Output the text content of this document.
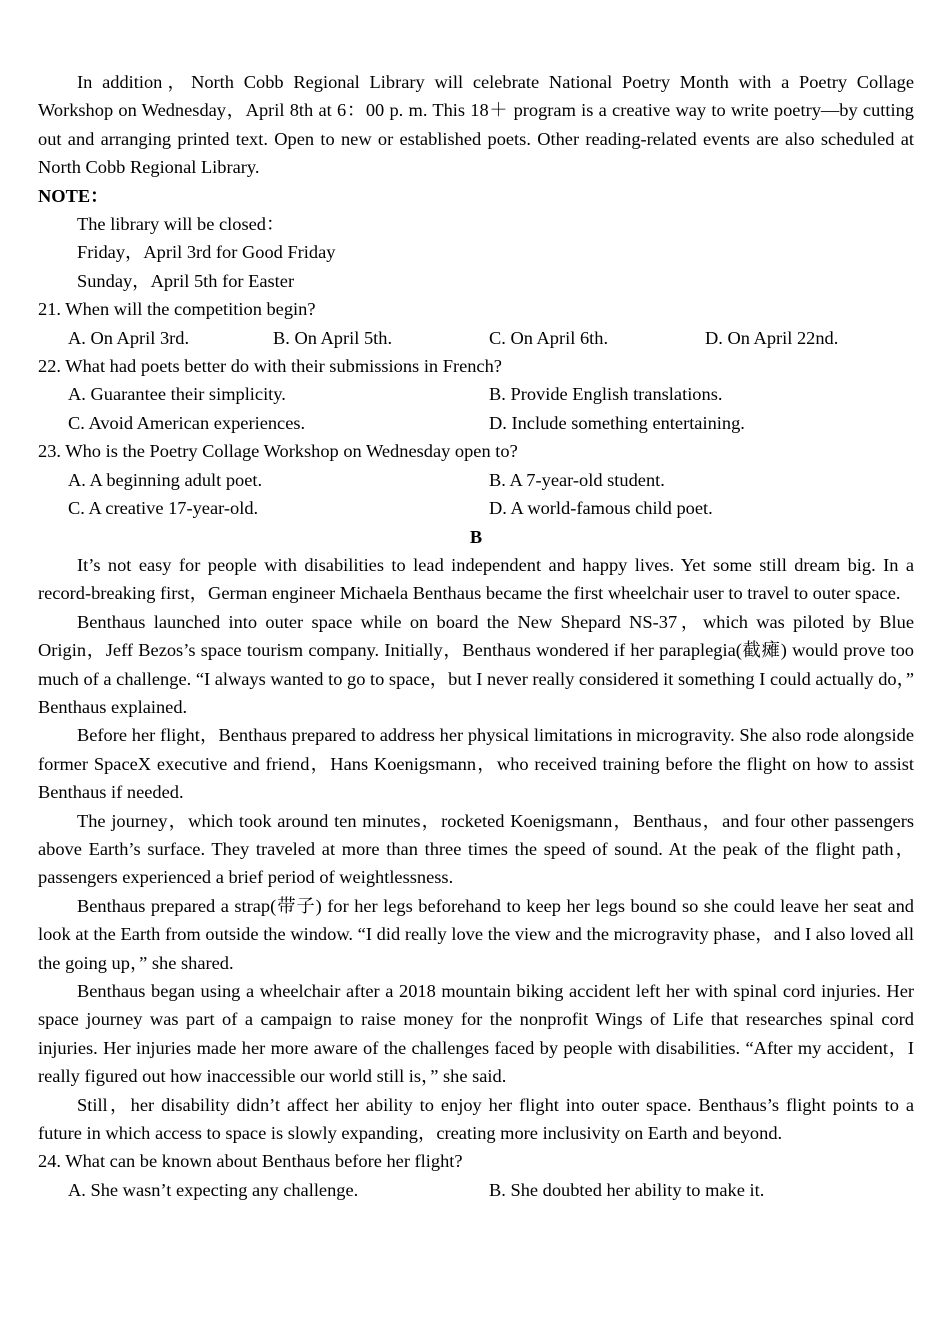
In addition，North Cobb Regional Library will celebrate National Poetry Month with a Poetry Collage Workshop on Wednesday，April 8th at 6：00 p. m. This 18＋ program is a creative way to write poetry—by cutting out and arranging printed text. Open to new or established poets. Other reading-related events are also scheduled at North Cobb Regional Library.

NOTE：

The library will be closed：

Friday，April 3rd for Good Friday

Sunday，April 5th for Easter

21. When will the competition begin?
A. On April 3rd.	B. On April 5th.	C. On April 6th.	D. On April 22nd.
22. What had poets better do with their submissions in French?
A. Guarantee their simplicity.	B. Provide English translations.
C. Avoid American experiences.	D. Include something entertaining.
23. Who is the Poetry Collage Workshop on Wednesday open to?
A. A beginning adult poet.	B. A 7-year-old student.
C. A creative 17-year-old.	D. A world-famous child poet.

B

It’s not easy for people with disabilities to lead independent and happy lives. Yet some still dream big. In a record-breaking first，German engineer Michaela Benthaus became the first wheelchair user to travel to outer space.

Benthaus launched into outer space while on board the New Shepard NS-37，which was piloted by Blue Origin，Jeff Bezos’s space tourism company. Initially，Benthaus wondered if her paraplegia(截瘫) would prove too much of a challenge. “I always wanted to go to space，but I never really considered it something I could actually do，” Benthaus explained.

Before her flight，Benthaus prepared to address her physical limitations in microgravity. She also rode alongside former SpaceX executive and friend，Hans Koenigsmann，who received training before the flight on how to assist Benthaus if needed.

The journey，which took around ten minutes，rocketed Koenigsmann，Benthaus，and four other passengers above Earth’s surface. They traveled at more than three times the speed of sound. At the peak of the flight path，passengers experienced a brief period of weightlessness.

Benthaus prepared a strap(带子) for her legs beforehand to keep her legs bound so she could leave her seat and look at the Earth from outside the window. “I did really love the view and the microgravity phase，and I also loved all the going up，” she shared.

Benthaus began using a wheelchair after a 2018 mountain biking accident left her with spinal cord injuries. Her space journey was part of a campaign to raise money for the nonprofit Wings of Life that researches spinal cord injuries. Her injuries made her more aware of the challenges faced by people with disabilities. “After my accident，I really figured out how inaccessible our world still is，” she said.

Still，her disability didn’t affect her ability to enjoy her flight into outer space. Benthaus’s flight points to a future in which access to space is slowly expanding，creating more inclusivity on Earth and beyond.

24. What can be known about Benthaus before her flight?
A. She wasn’t expecting any challenge.	B. She doubted her ability to make it.
